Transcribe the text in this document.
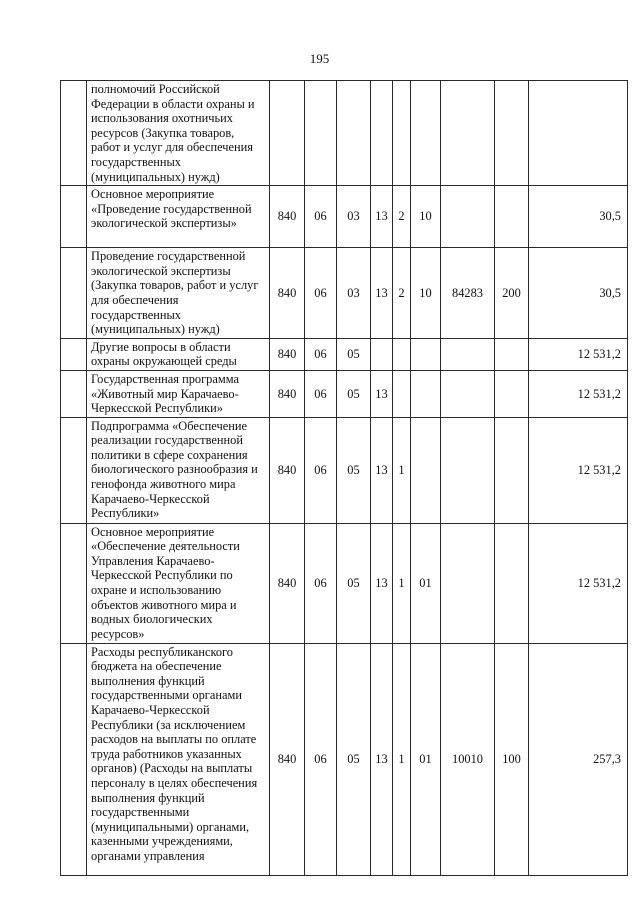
195
	полномочий Российской Федерации в области охраны и использования охотничьих ресурсов (Закупка товаров, работ и услуг для обеспечения государственных (муниципальных) нужд)									
	Основное мероприятие «Проведение государственной экологической экспертизы»	840	06	03	13	2	10			30,5
	Проведение государственной экологической экспертизы (Закупка товаров, работ и услуг для обеспечения государственных (муниципальных) нужд)	840	06	03	13	2	10	84283	200	30,5
	Другие вопросы в области охраны окружающей среды	840	06	05						12 531,2
	Государственная программа «Животный мир Карачаево-Черкесской Республики»	840	06	05	13					12 531,2
	Подпрограмма «Обеспечение реализации государственной политики в сфере сохранения биологического разнообразия и генофонда животного мира Карачаево-Черкесской Республики»	840	06	05	13	1				12 531,2
	Основное мероприятие «Обеспечение деятельности Управления Карачаево-Черкесской Республики по охране и использованию объектов животного мира и водных биологических ресурсов»	840	06	05	13	1	01			12 531,2
	Расходы республиканского бюджета на обеспечение выполнения функций государственными органами Карачаево-Черкесской Республики (за исключением расходов на выплаты по оплате труда работников указанных органов) (Расходы на выплаты персоналу в целях обеспечения выполнения функций государственными (муниципальными) органами, казенными учреждениями, органами управления	840	06	05	13	1	01	10010	100	257,3
